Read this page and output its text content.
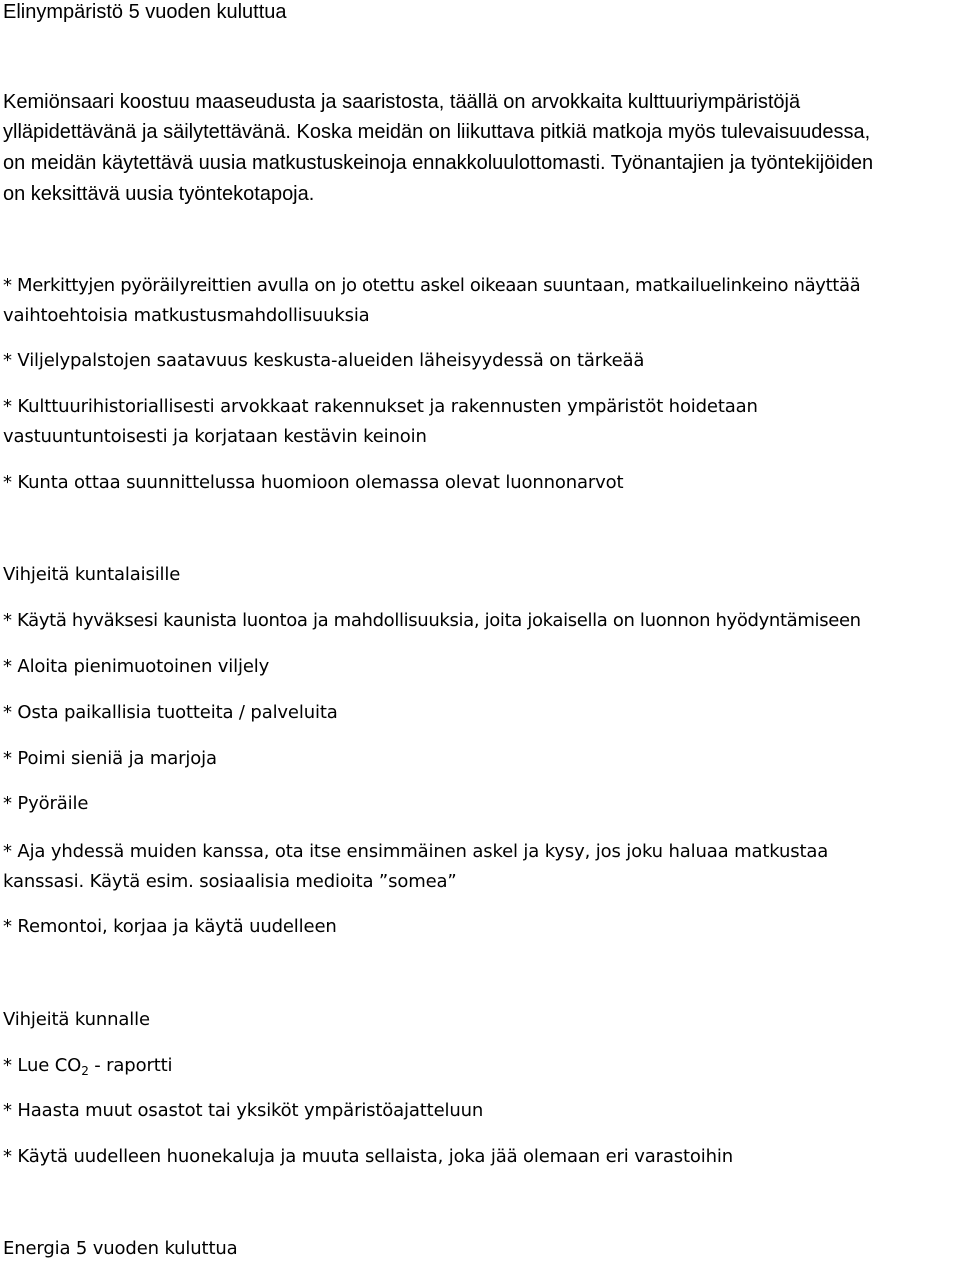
Elinympäristö 5 vuoden kuluttua
Kemiönsaari koostuu maaseudusta ja saaristosta, täällä on arvokkaita kulttuuriympäristöjä
ylläpidettävänä ja säilytettävänä. Koska meidän on liikuttava pitkiä matkoja myös tulevaisuudessa,
on meidän käytettävä uusia matkustuskeinoja ennakkoluulottomasti. Työnantajien ja työntekijöiden
on keksittävä uusia työntekotapoja.
* Merkittyjen pyöräilyreittien avulla on jo otettu askel oikeaan suuntaan, matkailuelinkeino näyttää
vaihtoehtoisia matkustusmahdollisuuksia
* Viljelypalstojen saatavuus keskusta-alueiden läheisyydessä on tärkeää
* Kulttuurihistoriallisesti arvokkaat rakennukset ja rakennusten ympäristöt hoidetaan
vastuuntuntoisesti ja korjataan kestävin keinoin
* Kunta ottaa suunnittelussa huomioon olemassa olevat luonnonarvot
Vihjeitä kuntalaisille
* Käytä hyväksesi kaunista luontoa ja mahdollisuuksia, joita jokaisella on luonnon hyödyntämiseen
* Aloita pienimuotoinen viljely
* Osta paikallisia tuotteita / palveluita
* Poimi sieniä ja marjoja
* Pyöräile
* Aja yhdessä muiden kanssa, ota itse ensimmäinen askel ja kysy, jos joku haluaa matkustaa
kanssasi. Käytä esim. sosiaalisia medioita ”somea”
* Remontoi, korjaa ja käytä uudelleen
Vihjeitä kunnalle
* Lue $CO_2$ - raportti
* Haasta muut osastot tai yksiköt ympäristöajatteluun
* Käytä uudelleen huonekaluja ja muuta sellaista, joka jää olemaan eri varastoihin
Energia 5 vuoden kuluttua
